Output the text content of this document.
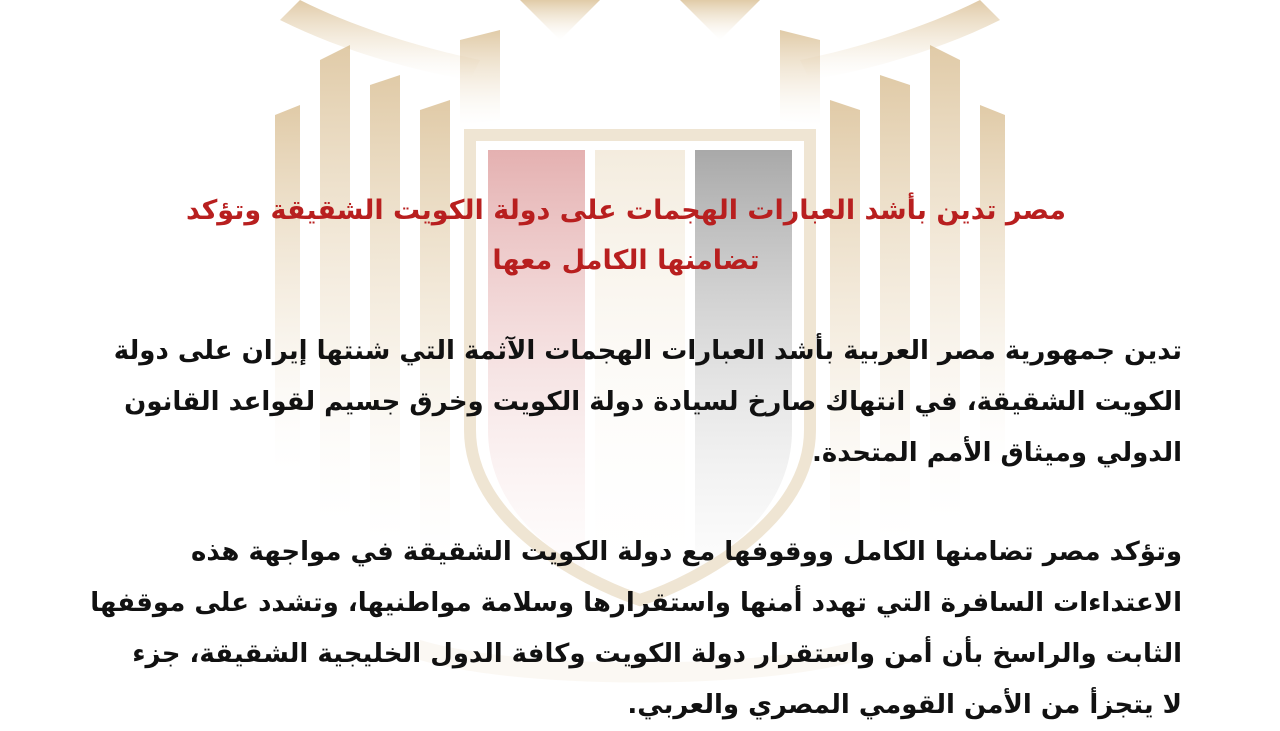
مصر تدين بأشد العبارات الهجمات على دولة الكويت الشقيقة وتؤكد
تضامنها الكامل معها

تدين جمهورية مصر العربية بأشد العبارات الهجمات الآثمة التي شنتها إيران على دولة
الكويت الشقيقة، في انتهاك صارخ لسيادة دولة الكويت وخرق جسيم لقواعد القانون
الدولي وميثاق الأمم المتحدة.

وتؤكد مصر تضامنها الكامل ووقوفها مع دولة الكويت الشقيقة في مواجهة هذه
الاعتداءات السافرة التي تهدد أمنها واستقرارها وسلامة مواطنيها، وتشدد على موقفها
الثابت والراسخ بأن أمن واستقرار دولة الكويت وكافة الدول الخليجية الشقيقة، جزء
لا يتجزأ من الأمن القومي المصري والعربي.
